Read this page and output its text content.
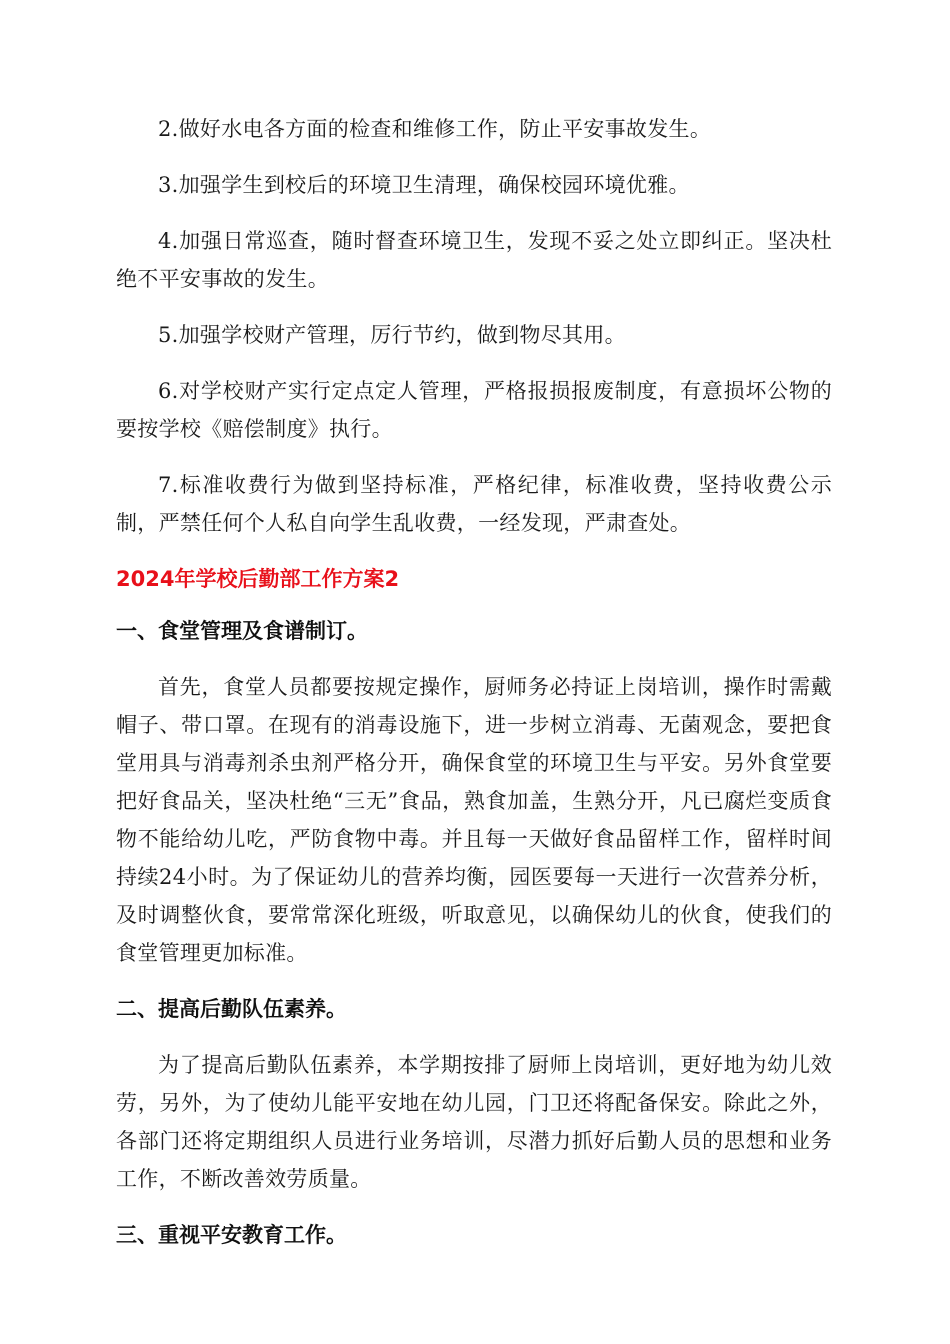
2.做好水电各方面的检查和维修工作，防止平安事故发生。

3.加强学生到校后的环境卫生清理，确保校园环境优雅。

4.加强日常巡查，随时督查环境卫生，发现不妥之处立即纠正。坚决杜绝不平安事故的发生。

5.加强学校财产管理，厉行节约，做到物尽其用。

6.对学校财产实行定点定人管理，严格报损报废制度，有意损坏公物的要按学校《赔偿制度》执行。

7.标准收费行为做到坚持标准，严格纪律，标准收费，坚持收费公示制，严禁任何个人私自向学生乱收费，一经发现，严肃查处。

2024年学校后勤部工作方案2
一、食堂管理及食谱制订。

首先，食堂人员都要按规定操作，厨师务必持证上岗培训，操作时需戴帽子、带口罩。在现有的消毒设施下，进一步树立消毒、无菌观念，要把食堂用具与消毒剂杀虫剂严格分开，确保食堂的环境卫生与平安。另外食堂要把好食品关，坚决杜绝“三无”食品，熟食加盖，生熟分开，凡已腐烂变质食物不能给幼儿吃，严防食物中毒。并且每一天做好食品留样工作，留样时间持续24小时。为了保证幼儿的营养均衡，园医要每一天进行一次营养分析，及时调整伙食，要常常深化班级，听取意见，以确保幼儿的伙食，使我们的食堂管理更加标准。

二、提高后勤队伍素养。

为了提高后勤队伍素养，本学期按排了厨师上岗培训，更好地为幼儿效劳，另外，为了使幼儿能平安地在幼儿园，门卫还将配备保安。除此之外，各部门还将定期组织人员进行业务培训，尽潜力抓好后勤人员的思想和业务工作，不断改善效劳质量。

三、重视平安教育工作。
